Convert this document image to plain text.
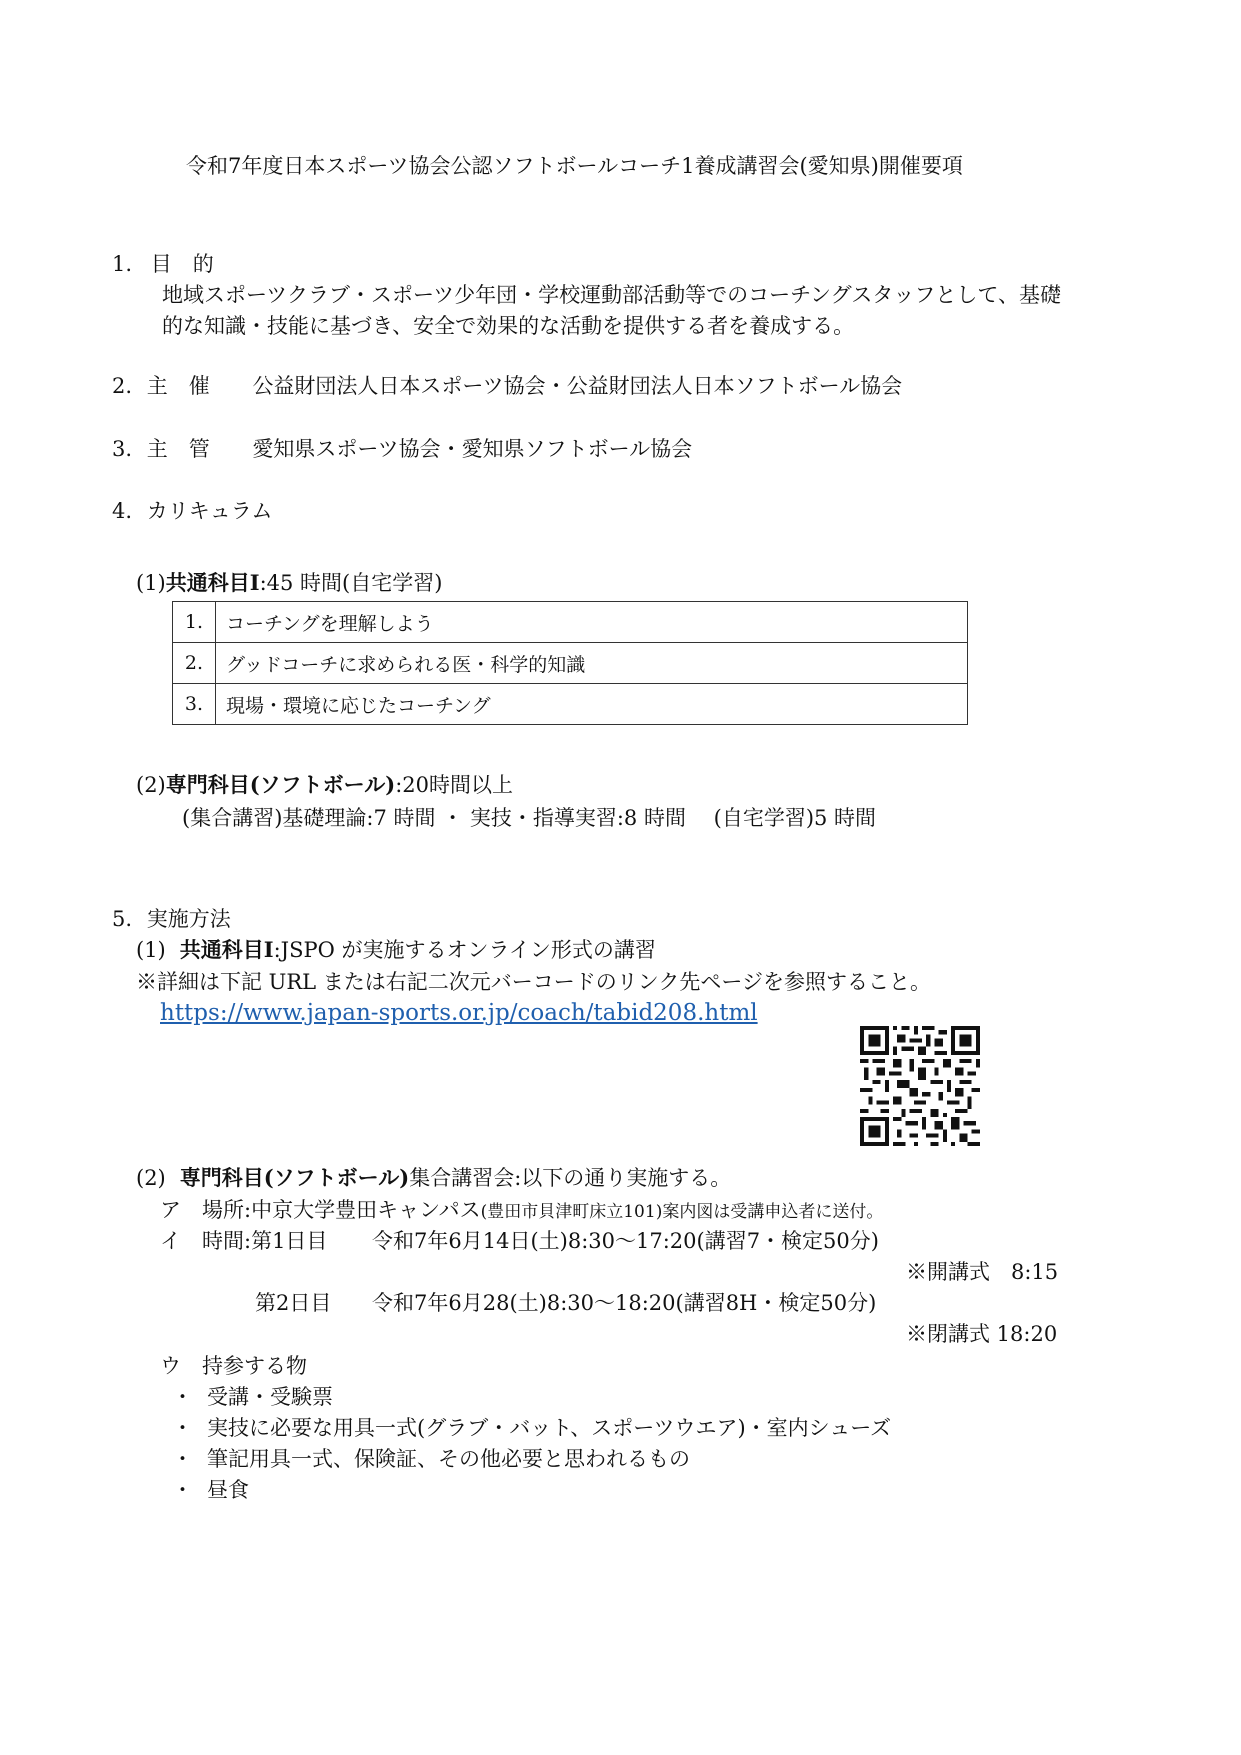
令和7年度日本スポーツ協会公認ソフトボールコーチ1養成講習会(愛知県)開催要項
1. 目　的
地域スポーツクラブ・スポーツ少年団・学校運動部活動等でのコーチングスタッフとして、基礎
的な知識・技能に基づき、安全で効果的な活動を提供する者を養成する。
2. 主　催 公益財団法人日本スポーツ協会・公益財団法人日本ソフトボール協会
3. 主　管 愛知県スポーツ協会・愛知県ソフトボール協会
4. カリキュラム
(1)共通科目Ⅰ:45 時間(自宅学習)
1.	コーチングを理解しよう
2.	グッドコーチに求められる医・科学的知識
3.	現場・環境に応じたコーチング
(2)専門科目(ソフトボール):20時間以上
(集合講習)基礎理論:7 時間 ・ 実技・指導実習:8 時間　 (自宅学習)5 時間
5. 実施方法
(1) 共通科目Ⅰ:JSPO が実施するオンライン形式の講習
※詳細は下記 URL または右記二次元バーコードのリンク先ページを参照すること。
https://www.japan-sports.or.jp/coach/tabid208.html
(2) 専門科目(ソフトボール)集合講習会:以下の通り実施する。
ア　場所:中京大学豊田キャンパス(豊田市貝津町床立101)案内図は受講申込者に送付。
イ　時間:第1日目 令和7年6月14日(土)8:30～17:20(講習7・検定50分)
※開講式　8:15
第2日目 令和7年6月28(土)8:30～18:20(講習8H・検定50分)
※閉講式 18:20
ウ　持参する物
・ 受講・受験票
・ 実技に必要な用具一式(グラブ・バット、スポーツウエア)・室内シューズ
・ 筆記用具一式、保険証、その他必要と思われるもの
・ 昼食
